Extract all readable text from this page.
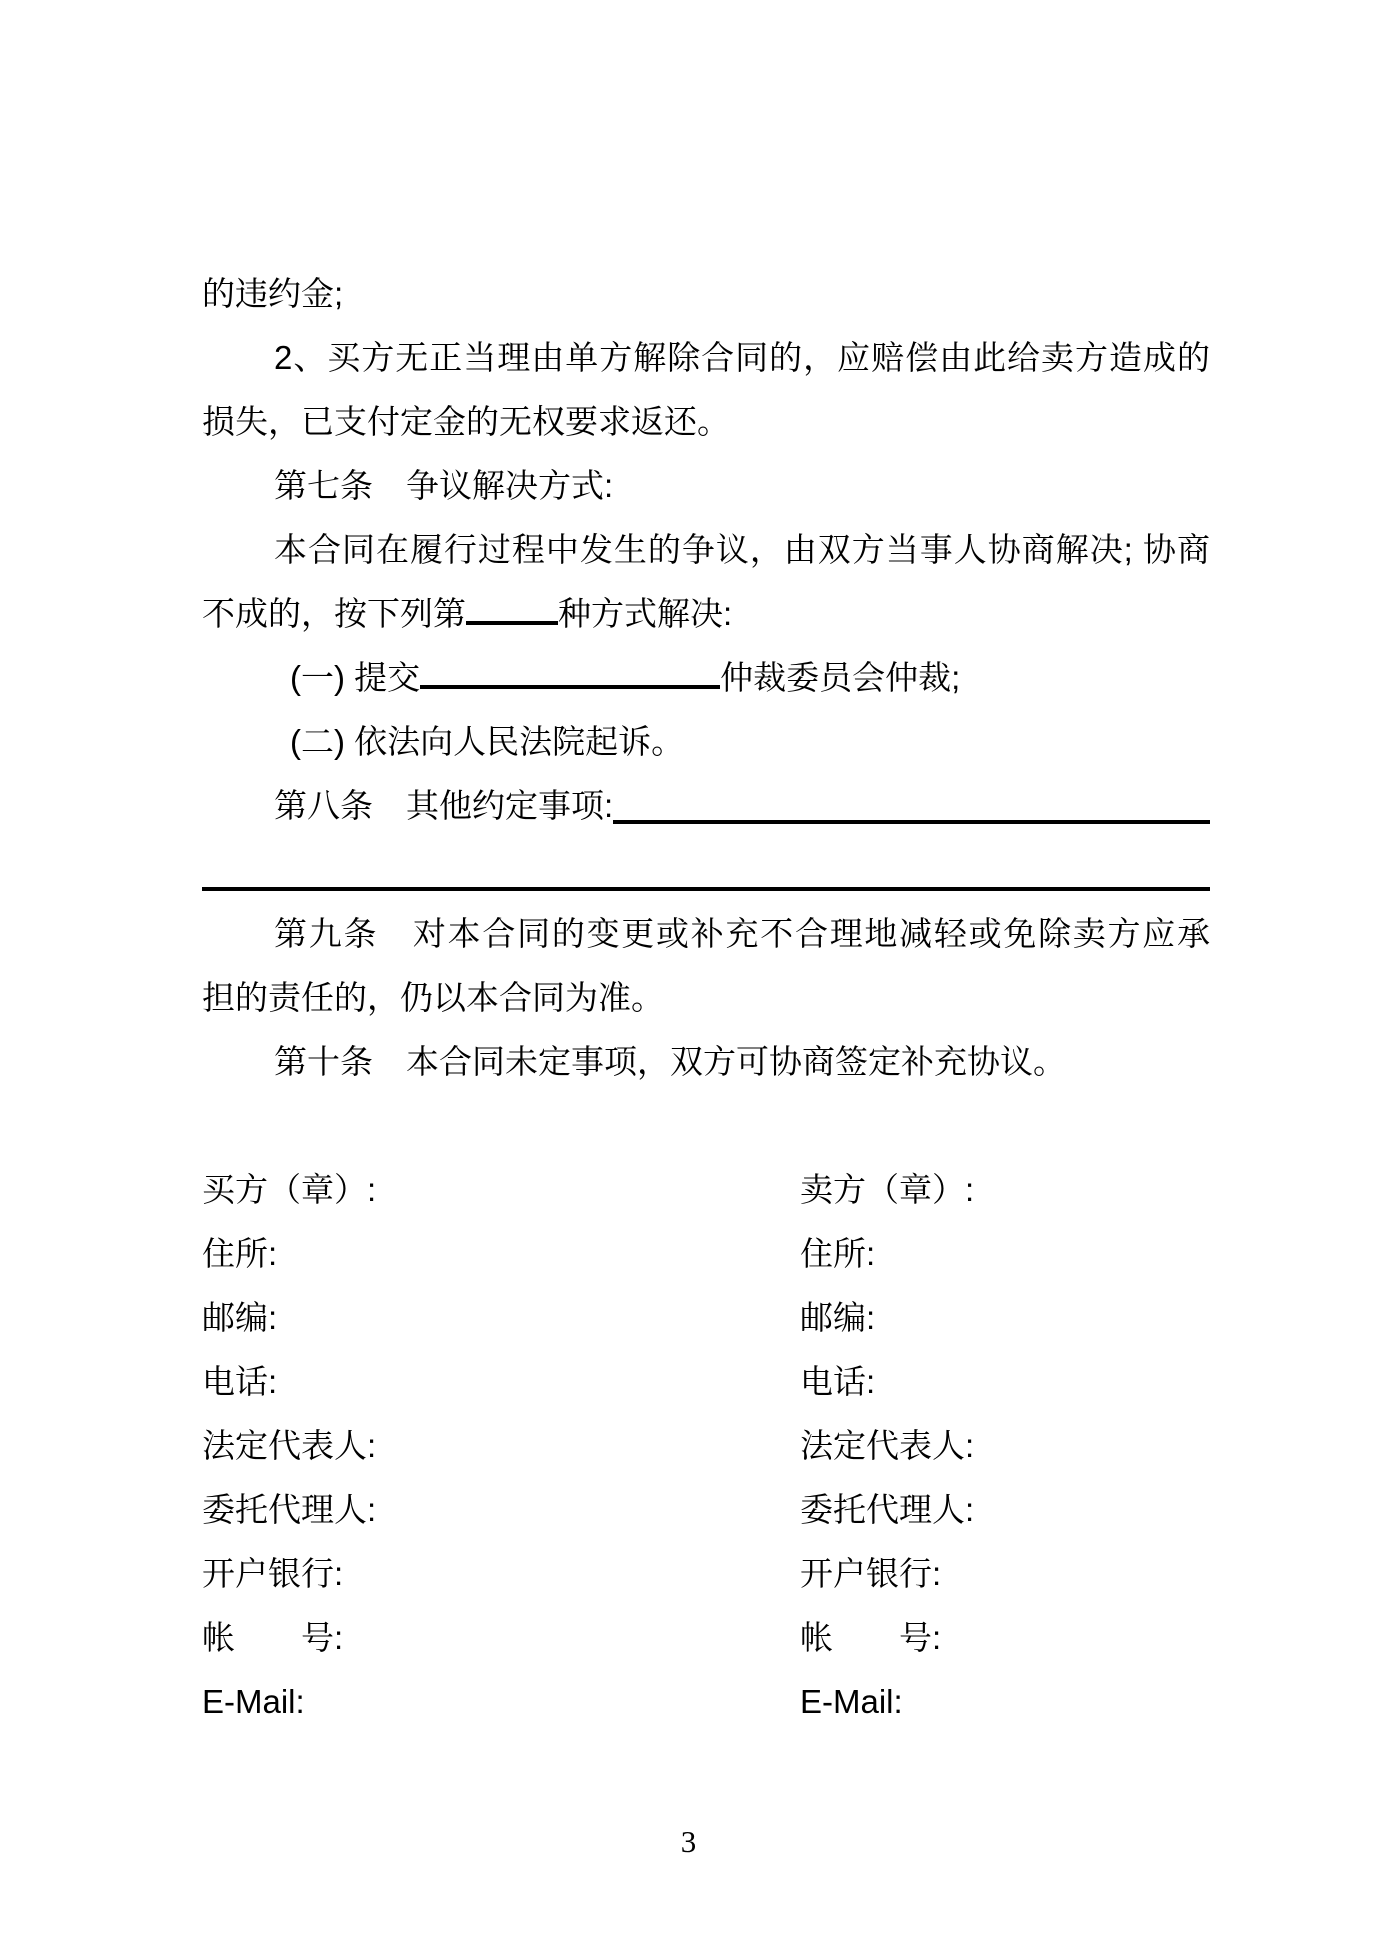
的违约金;
2、买方无正当理由单方解除合同的，应赔偿由此给卖方造成的
损失，已支付定金的无权要求返还。
第七条　争议解决方式:
本合同在履行过程中发生的争议，由双方当事人协商解决; 协商
不成的，按下列第	种方式解决:
(一) 提交	仲裁委员会仲裁;
(二) 依法向人民法院起诉。
第八条　其他约定事项:
第九条　对本合同的变更或补充不合理地减轻或免除卖方应承
担的责任的，仍以本合同为准。
第十条　本合同未定事项，双方可协商签定补充协议。
买方（章）:
住所:
邮编:
电话:
法定代表人:
委托代理人:
开户银行:
帐　　号:
E-Mail:
卖方（章）:
住所:
邮编:
电话:
法定代表人:
委托代理人:
开户银行:
帐　　号:
E-Mail:
3
